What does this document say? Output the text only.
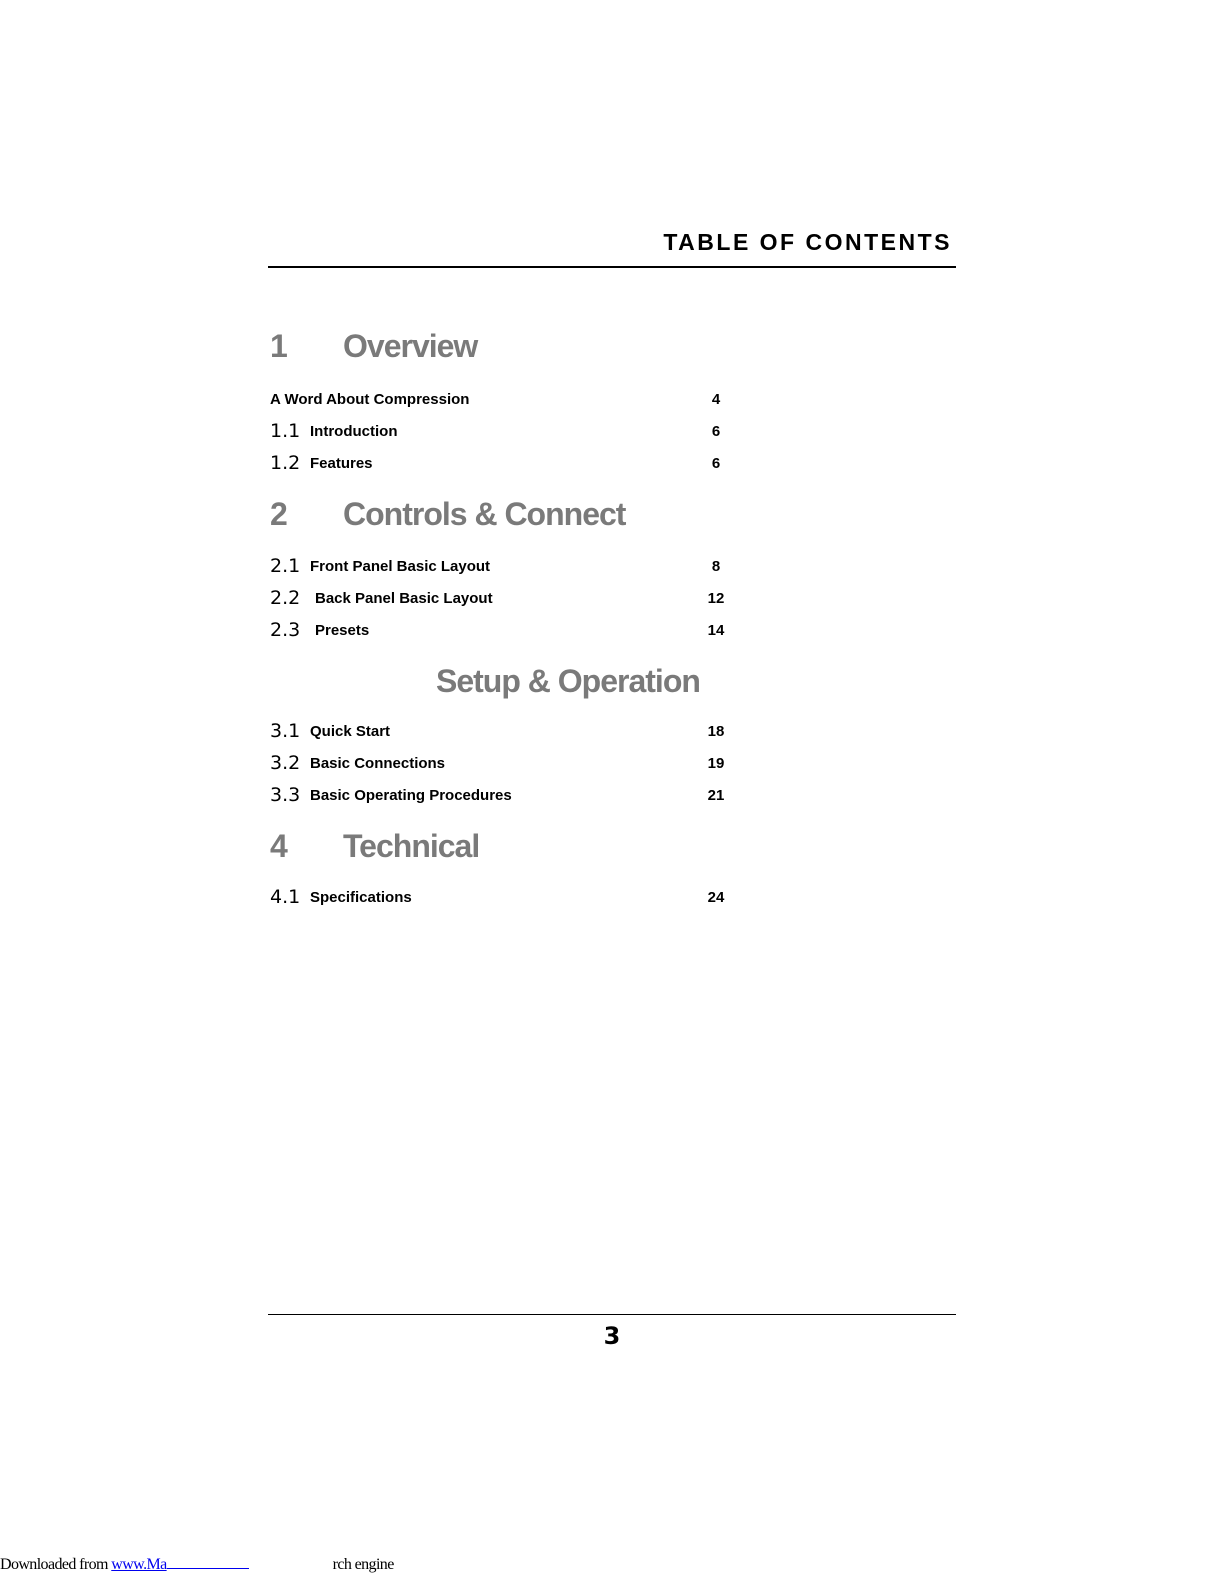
TABLE OF CONTENTS
1 Overview
A Word About Compression	4
1.1 Introduction	6
1.2 Features	6
2 Controls & Connect
2.1 Front Panel Basic Layout	8
2.2 Back Panel Basic Layout	12
2.3 Presets	14
Setup & Operation
3.1 Quick Start	18
3.2 Basic Connections	19
3.3 Basic Operating Procedures	21
4 Technical
4.1 Specifications	24
3
Downloaded from www.Ma	rch engine
